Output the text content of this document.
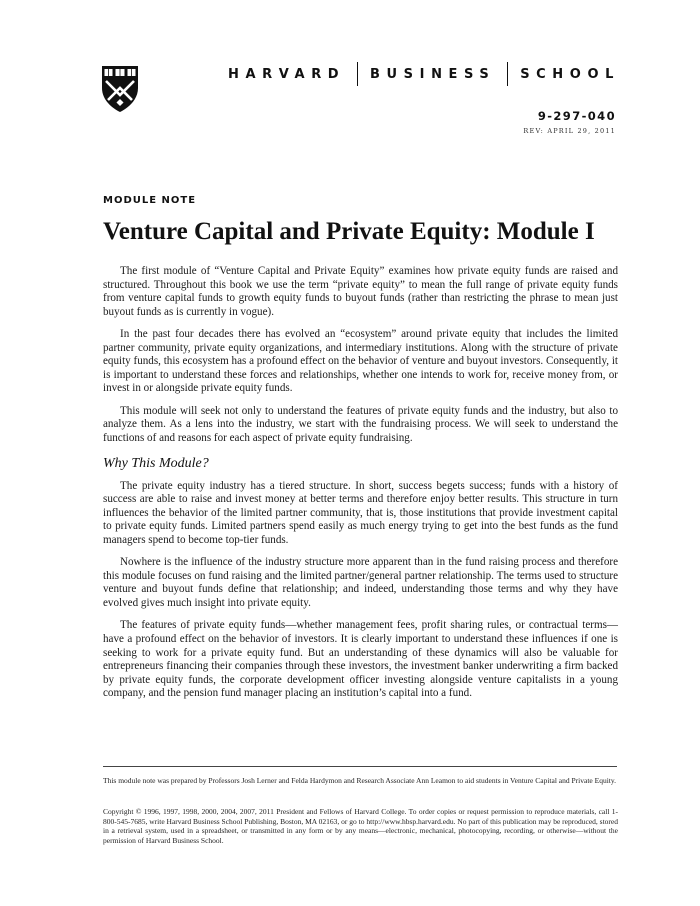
HARVARD BUSINESS SCHOOL
9-297-040
REV: APRIL 29, 2011
MODULE NOTE
Venture Capital and Private Equity: Module I

The first module of “Venture Capital and Private Equity” examines how private equity funds are raised and structured. Throughout this book we use the term “private equity” to mean the full range of private equity funds from venture capital funds to growth equity funds to buyout funds (rather than restricting the phrase to mean just buyout funds as is currently in vogue).

In the past four decades there has evolved an “ecosystem” around private equity that includes the limited partner community, private equity organizations, and intermediary institutions. Along with the structure of private equity funds, this ecosystem has a profound effect on the behavior of venture and buyout investors. Consequently, it is important to understand these forces and relationships, whether one intends to work for, receive money from, or invest in or alongside private equity funds.

This module will seek not only to understand the features of private equity funds and the industry, but also to analyze them. As a lens into the industry, we start with the fundraising process. We will seek to understand the functions of and reasons for each aspect of private equity fundraising.

Why This Module?

The private equity industry has a tiered structure. In short, success begets success; funds with a history of success are able to raise and invest money at better terms and therefore enjoy better results. This structure in turn influences the behavior of the limited partner community, that is, those institutions that provide investment capital to private equity funds. Limited partners spend easily as much energy trying to get into the best funds as the fund managers spend to become top-tier funds.

Nowhere is the influence of the industry structure more apparent than in the fund raising process and therefore this module focuses on fund raising and the limited partner/general partner relationship. The terms used to structure venture and buyout funds define that relationship; and indeed, understanding those terms and why they have evolved gives much insight into private equity.

The features of private equity funds—whether management fees, profit sharing rules, or contractual terms—have a profound effect on the behavior of investors. It is clearly important to understand these influences if one is seeking to work for a private equity fund. But an understanding of these dynamics will also be valuable for entrepreneurs financing their companies through these investors, the investment banker underwriting a firm backed by private equity funds, the corporate development officer investing alongside venture capitalists in a young company, and the pension fund manager placing an institution’s capital into a fund.

This module note was prepared by Professors Josh Lerner and Felda Hardymon and Research Associate Ann Leamon to aid students in Venture Capital and Private Equity.
Copyright © 1996, 1997, 1998, 2000, 2004, 2007, 2011 President and Fellows of Harvard College. To order copies or request permission to reproduce materials, call 1-800-545-7685, write Harvard Business School Publishing, Boston, MA 02163, or go to http://www.hbsp.harvard.edu. No part of this publication may be reproduced, stored in a retrieval system, used in a spreadsheet, or transmitted in any form or by any means—electronic, mechanical, photocopying, recording, or otherwise—without the permission of Harvard Business School.
